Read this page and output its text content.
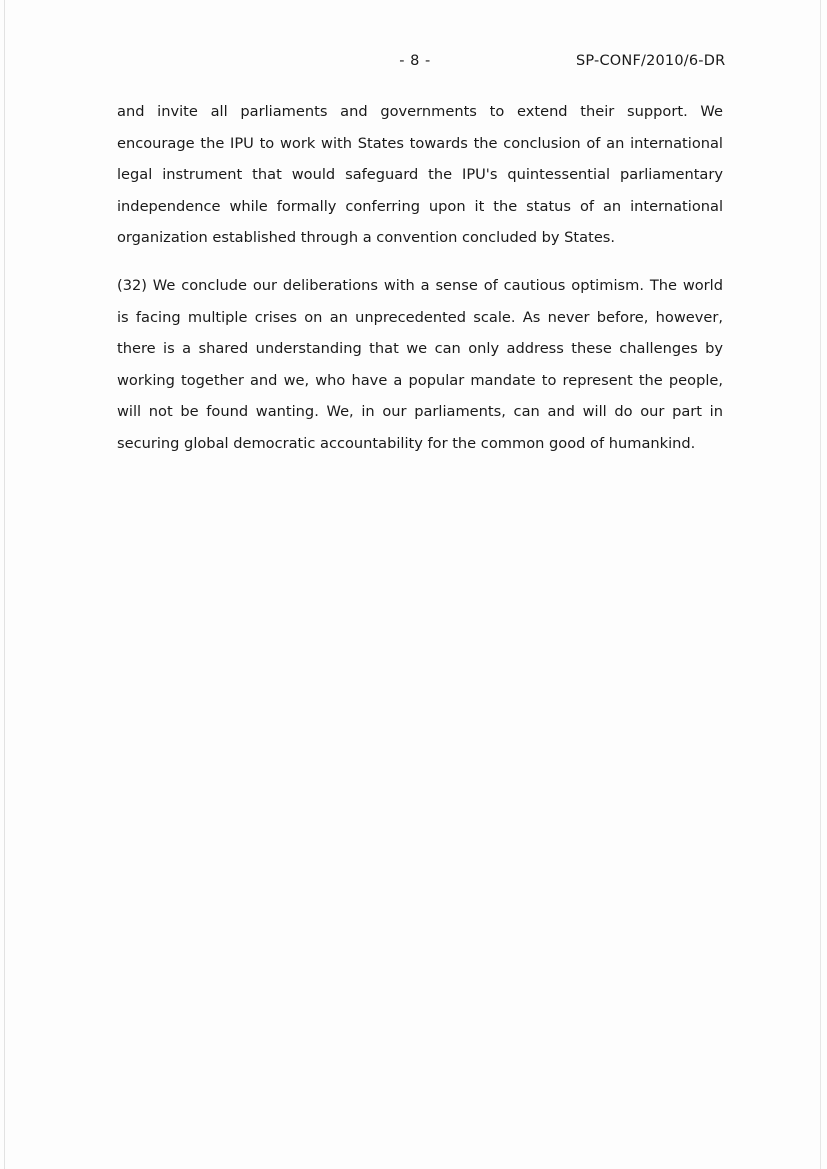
- 8 -	SP-CONF/2010/6-DR

and invite all parliaments and governments to extend their support. We encourage the IPU to work with States towards the conclusion of an international legal instrument that would safeguard the IPU's quintessential parliamentary independence while formally conferring upon it the status of an international organization established through a convention concluded by States.

(32) We conclude our deliberations with a sense of cautious optimism. The world is facing multiple crises on an unprecedented scale. As never before, however, there is a shared understanding that we can only address these challenges by working together and we, who have a popular mandate to represent the people, will not be found wanting. We, in our parliaments, can and will do our part in securing global democratic accountability for the common good of humankind.
